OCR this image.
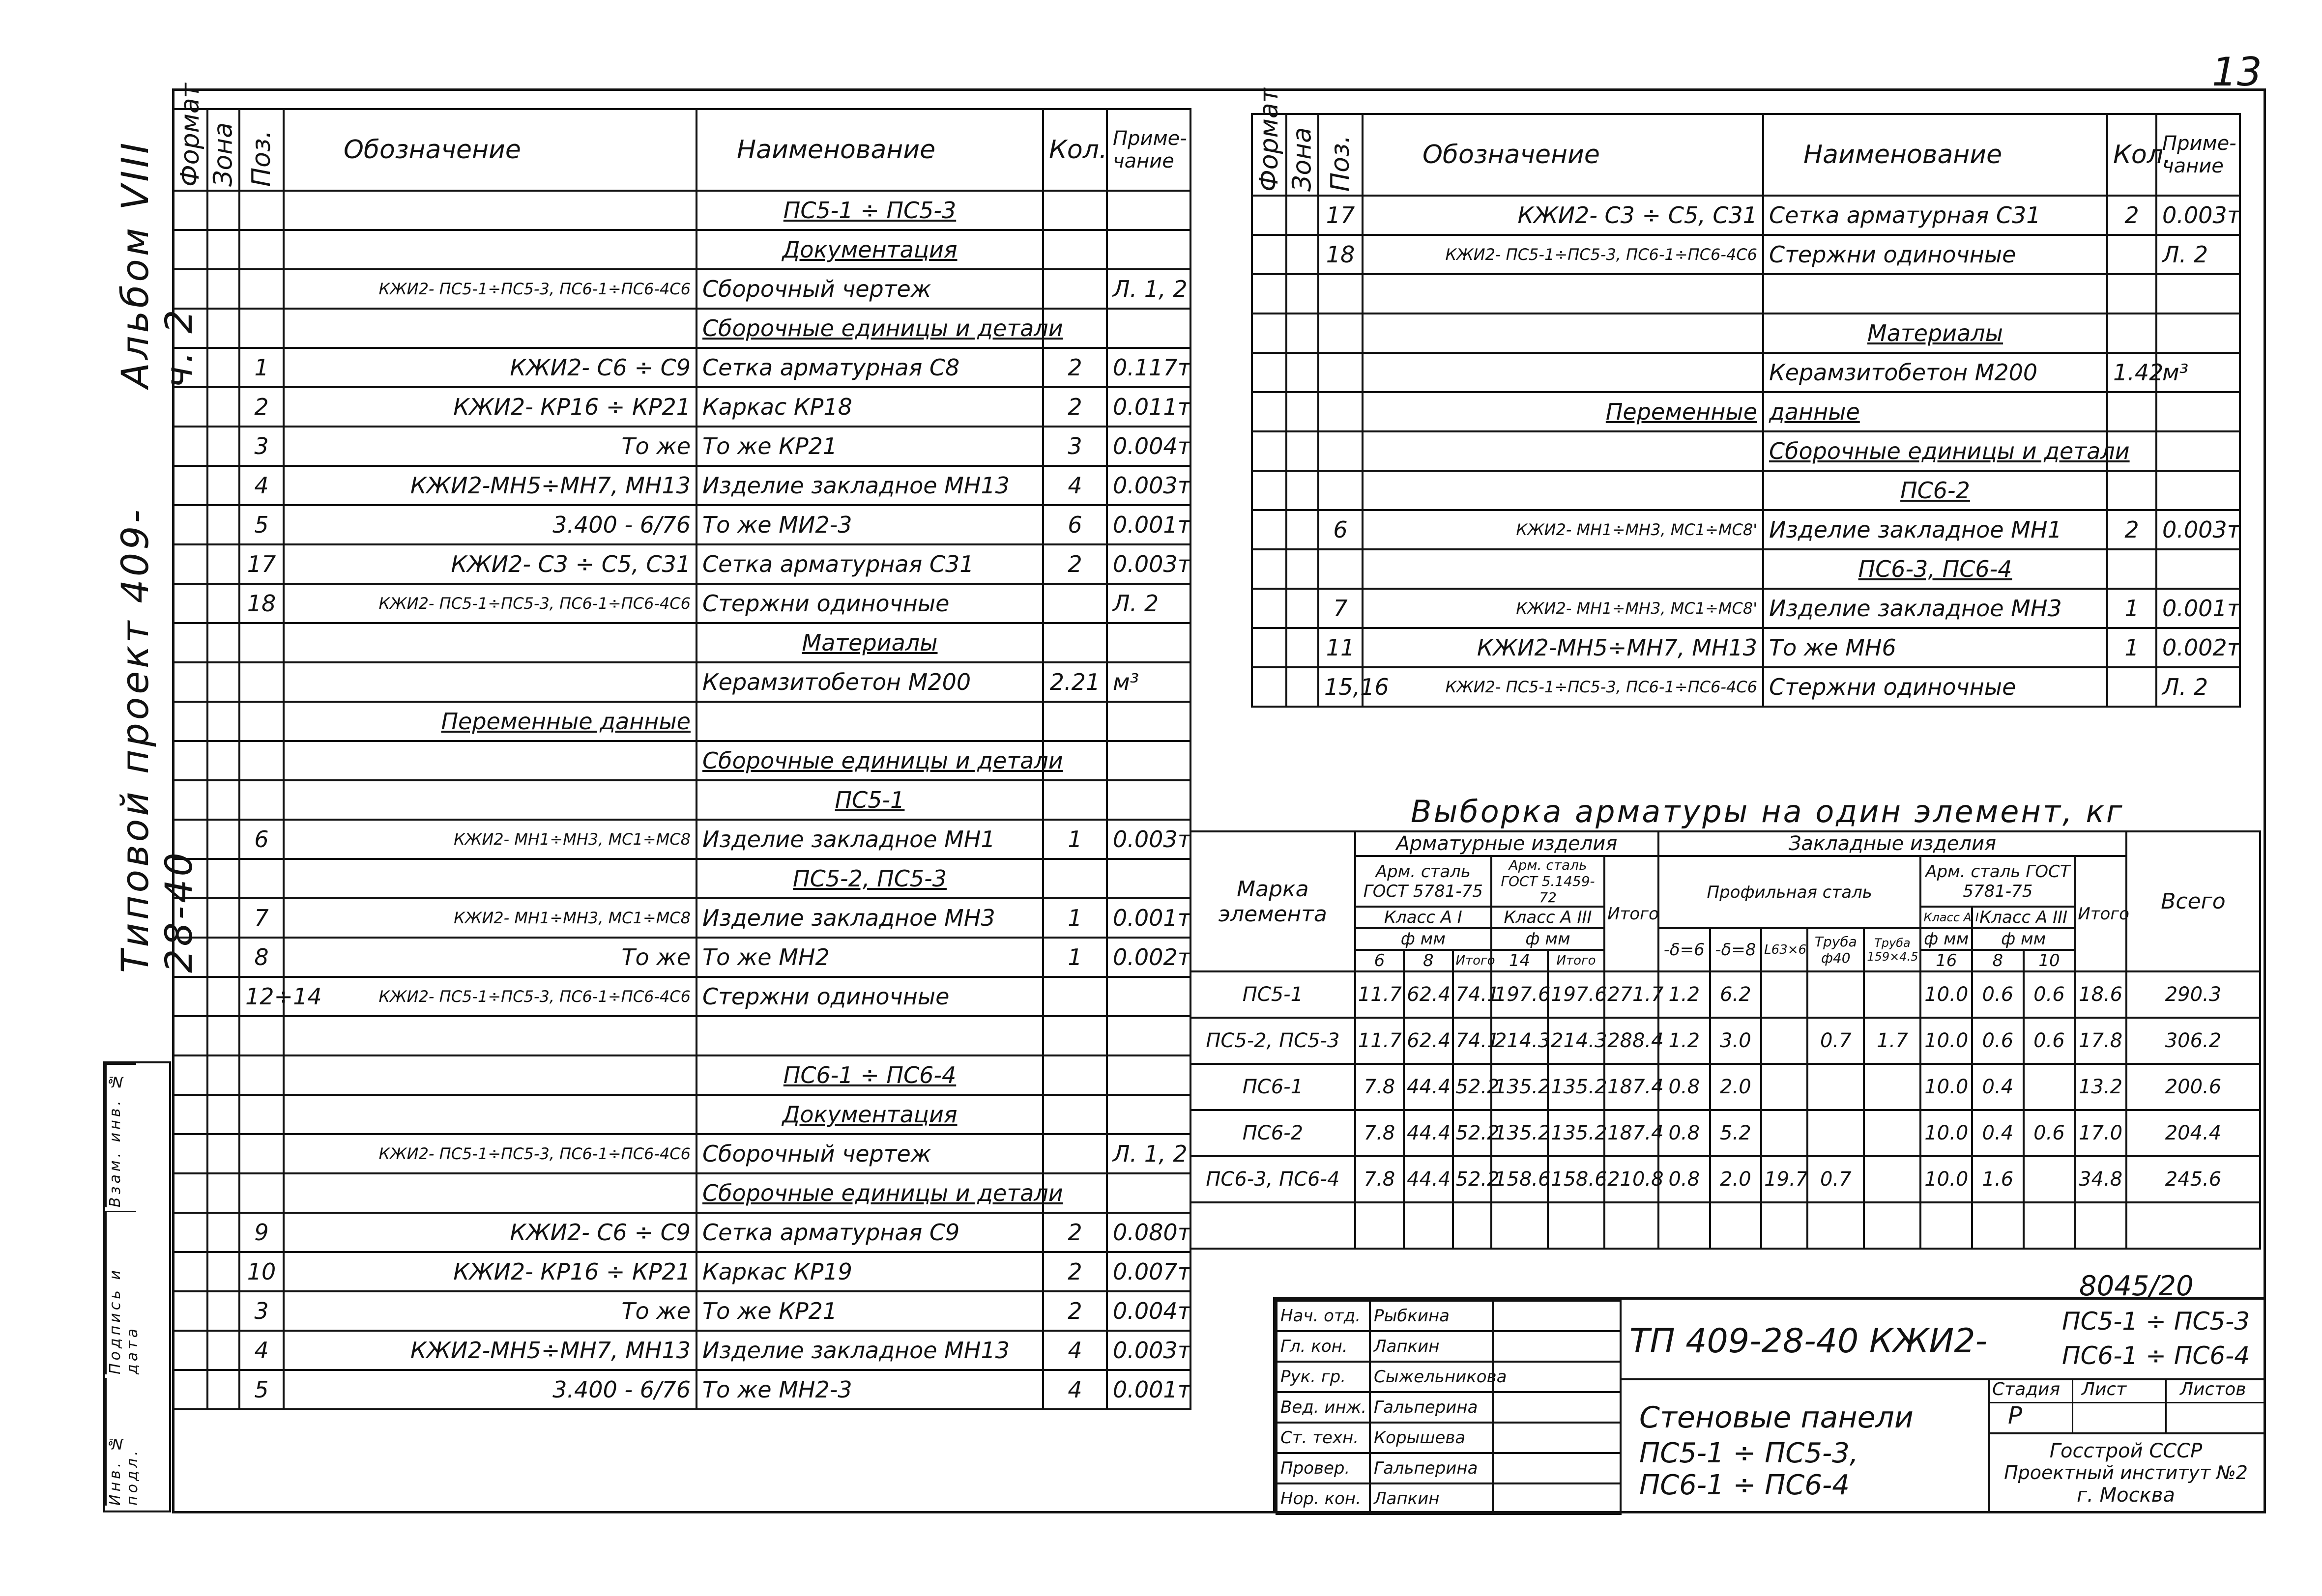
13
8045/20
Альбом VIII ч. 2
Типовой проект 409-28-40
Взам. инв. №
Подпись и дата
Инв. № подл.
Формат	Зона	Поз.	Обозначение	Наименование	Кол.	Приме-чание
				ПС5-1 ÷ ПС5-3		
				Документация		
			КЖИ2- ПС5-1÷ПС5-3, ПС6-1÷ПС6-4С6	Сборочный чертеж		Л. 1, 2
				Сборочные единицы и детали		
		1	КЖИ2- С6 ÷ С9	Сетка арматурная С8	2	0.117т
		2	КЖИ2- КР16 ÷ КР21	Каркас КР18	2	0.011т
		3	То же	То же КР21	3	0.004т
		4	КЖИ2-МН5÷МН7, МН13	Изделие закладное МН13	4	0.003т
		5	3.400 - 6/76	То же МИ2-3	6	0.001т
		17	КЖИ2- С3 ÷ С5, С31	Сетка арматурная С31	2	0.003т
		18	КЖИ2- ПС5-1÷ПС5-3, ПС6-1÷ПС6-4С6	Стержни одиночные		Л. 2
				Материалы		
				Керамзитобетон М200	2.21	м³
			Переменные данные			
				Сборочные единицы и детали		
				ПС5-1		
		6	КЖИ2- МН1÷МН3, МС1÷МС8	Изделие закладное МН1	1	0.003т
				ПС5-2, ПС5-3		
		7	КЖИ2- МН1÷МН3, МС1÷МС8	Изделие закладное МН3	1	0.001т
		8	То же	То же МН2	1	0.002т
		12÷14	КЖИ2- ПС5-1÷ПС5-3, ПС6-1÷ПС6-4С6	Стержни одиночные		

				ПС6-1 ÷ ПС6-4		
				Документация		
			КЖИ2- ПС5-1÷ПС5-3, ПС6-1÷ПС6-4С6	Сборочный чертеж		Л. 1, 2
				Сборочные единицы и детали		
		9	КЖИ2- С6 ÷ С9	Сетка арматурная С9	2	0.080т
		10	КЖИ2- КР16 ÷ КР21	Каркас КР19	2	0.007т
		3	То же	То же КР21	2	0.004т
		4	КЖИ2-МН5÷МН7, МН13	Изделие закладное МН13	4	0.003т
		5	3.400 - 6/76	То же МН2-3	4	0.001т
Формат	Зона	Поз.	Обозначение	Наименование	Кол.	Приме-чание
		17	КЖИ2- С3 ÷ С5, С31	Сетка арматурная С31	2	0.003т
		18	КЖИ2- ПС5-1÷ПС5-3, ПС6-1÷ПС6-4С6	Стержни одиночные		Л. 2

				Материалы		
				Керамзитобетон М200	1.42	м³
			Переменные	данные		
				Сборочные единицы и детали		
				ПС6-2		
		6	КЖИ2- МН1÷МН3, МС1÷МС8'	Изделие закладное МН1	2	0.003т
				ПС6-3, ПС6-4		
		7	КЖИ2- МН1÷МН3, МС1÷МС8'	Изделие закладное МН3	1	0.001т
		11	КЖИ2-МН5÷МН7, МН13	То же МН6	1	0.002т
		15,16	КЖИ2- ПС5-1÷ПС5-3, ПС6-1÷ПС6-4С6	Стержни одиночные		Л. 2
Выборка арматуры на один элемент, кг
Марка элемента	Арматурные изделия						Закладные изделия									Всего
	Арм. сталь ГОСТ 5781-75			Арм. сталь ГОСТ 5.1459-72		Итого	Профильная сталь					Арм. сталь ГОСТ 5781-75			Итого	
	Класс А I			Класс А III								Класс А I	Класс А III			
	ф мм			ф мм			-δ=6	-δ=8	L63×6	Труба ф40	Труба 159×4.5	ф мм	ф мм			
	6	8	Итого	14	Итого							16	8	10		
ПС5-1	11.7	62.4	74.1	197.6	197.6	271.7	1.2	6.2				10.0	0.6	0.6	18.6	290.3
ПС5-2, ПС5-3	11.7	62.4	74.1	214.3	214.3	288.4	1.2	3.0		0.7	1.7	10.0	0.6	0.6	17.8	306.2
ПС6-1	7.8	44.4	52.2	135.2	135.2	187.4	0.8	2.0				10.0	0.4		13.2	200.6
ПС6-2	7.8	44.4	52.2	135.2	135.2	187.4	0.8	5.2				10.0	0.4	0.6	17.0	204.4
ПС6-3, ПС6-4	7.8	44.4	52.2	158.6	158.6	210.8	0.8	2.0	19.7	0.7		10.0	1.6		34.8	245.6

Нач. отд.	Рыбкина	
Гл. кон.	Лапкин	
Рук. гр.	Сыжельникова	
Вед. инж.	Гальперина	
Ст. техн.	Корышева	
Провер.	Гальперина	
Нор. кон.	Лапкин	
ТП 409-28-40 КЖИ2-
ПС5-1 ÷ ПС5-3
ПС6-1 ÷ ПС6-4
Стеновые панели
ПС5-1 ÷ ПС5-3,
ПС6-1 ÷ ПС6-4
Стадия Лист	Листов
Р
Госстрой СССР
Проектный институт №2
г. Москва
